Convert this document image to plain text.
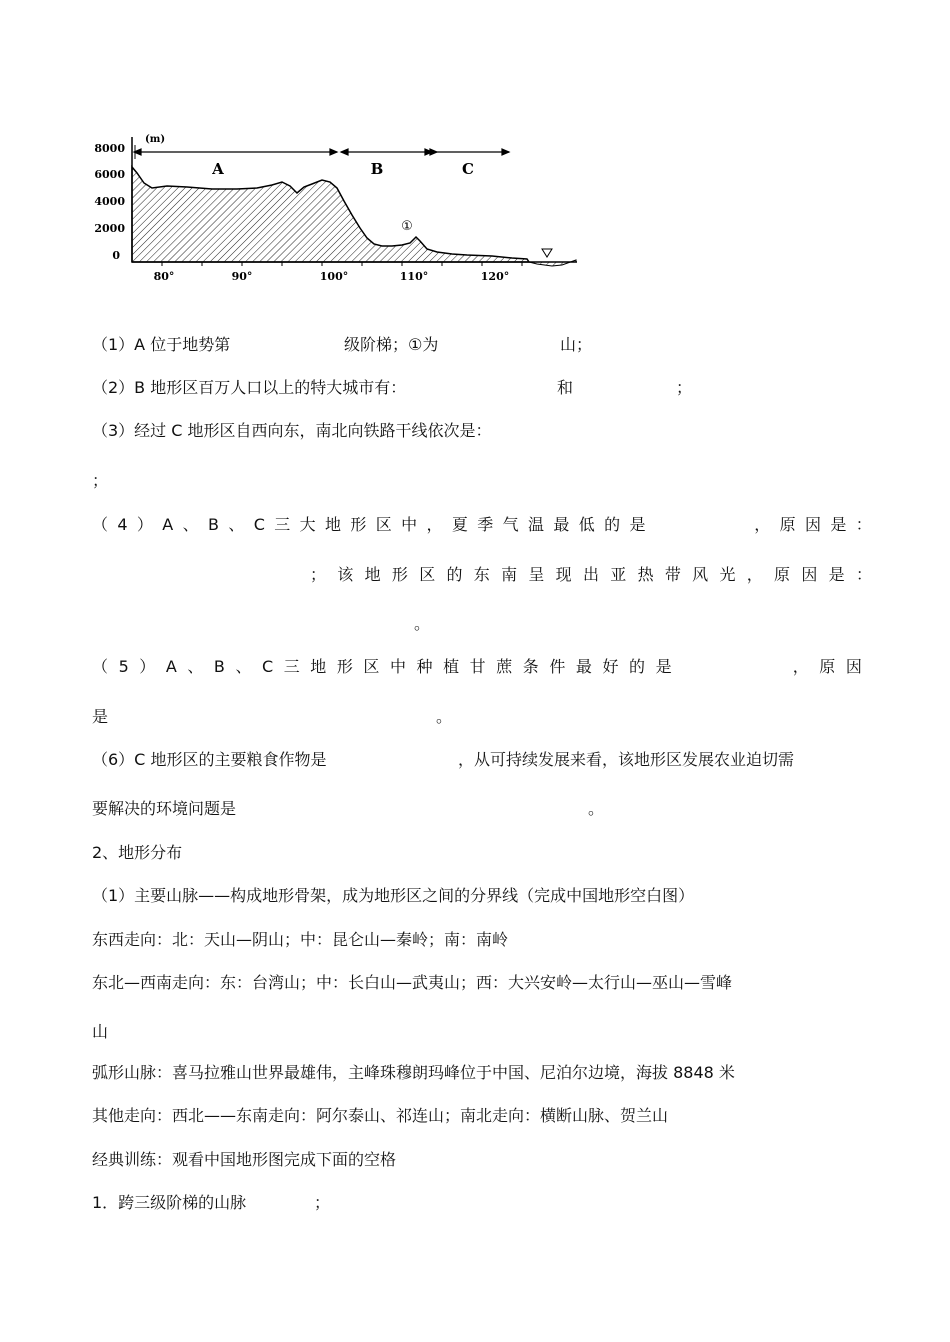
(m)
8000
6000
4000
2000
0
80°	90°	100°	110°	120°
A	B	C
①
（1）A 位于地势第	级阶梯；①为	山；
（2）B 地形区百万人口以上的特大城市有：	和	；
（3）经过 C 地形区自西向东，南北向铁路干线依次是：
；
（ 4 ） A 、 B 、 C 三 大 地 形 区 中 ， 夏 季 气 温 最 低 的 是	， 原 因 是 ：
； 该 地 形 区 的 东 南 呈 现 出 亚 热 带 风 光 ， 原 因 是 ：
。
（ 5 ） A 、 B 、 C 三 地 形 区 中 种 植 甘 蔗 条 件 最 好 的 是	， 原 因
是	。
（6）C 地形区的主要粮食作物是	，从可持续发展来看，该地形区发展农业迫切需
要解决的环境问题是	。
2、地形分布
（1）主要山脉——构成地形骨架，成为地形区之间的分界线（完成中国地形空白图）
东西走向：北：天山—阴山；中：昆仑山—秦岭；南：南岭
东北—西南走向：东：台湾山；中：长白山—武夷山；西：大兴安岭—太行山—巫山—雪峰
山
弧形山脉：喜马拉雅山世界最雄伟，主峰珠穆朗玛峰位于中国、尼泊尔边境，海拔 8848 米
其他走向：西北——东南走向：阿尔泰山、祁连山；南北走向：横断山脉、贺兰山
经典训练：观看中国地形图完成下面的空格
1．跨三级阶梯的山脉	；
